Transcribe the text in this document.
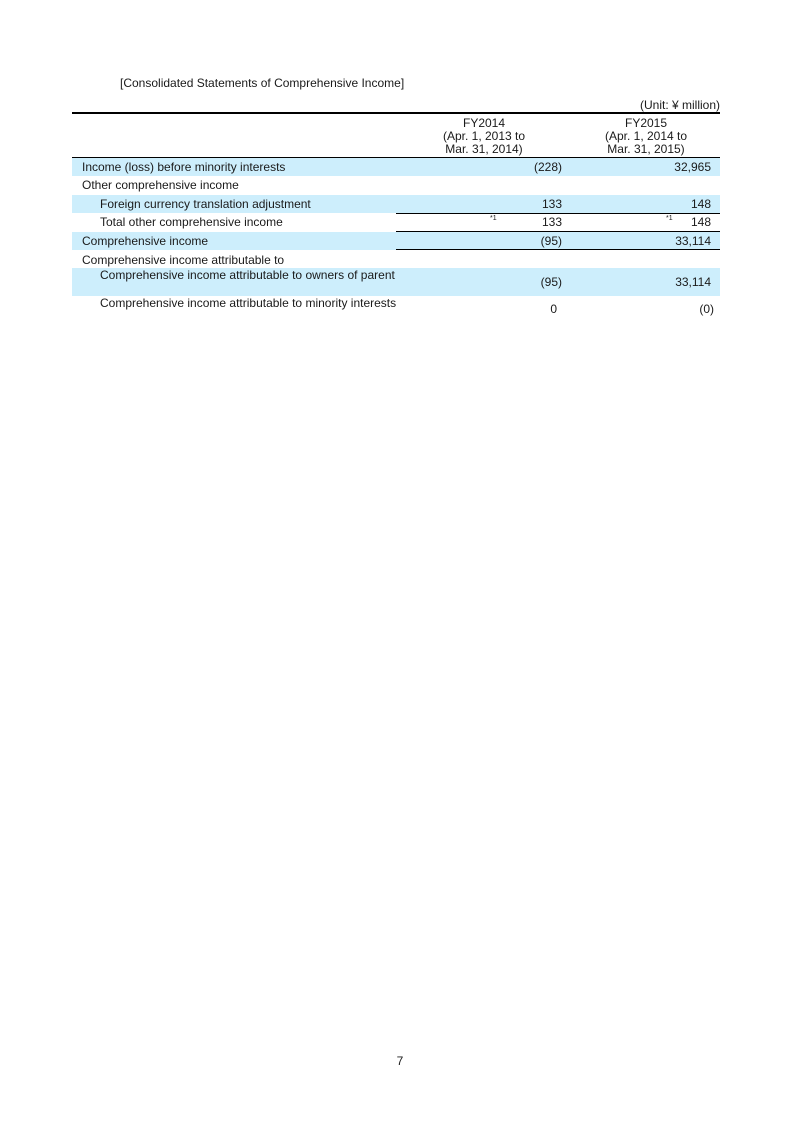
[Consolidated Statements of Comprehensive Income]
(Unit: ¥ million)
FY2014
(Apr. 1, 2013 to
Mar. 31, 2014)
FY2015
(Apr. 1, 2014 to
Mar. 31, 2015)
Income (loss) before minority interests	(228)	32,965
Other comprehensive income
Foreign currency translation adjustment	133	148
Total other comprehensive income	*1	133	*1 148
Comprehensive income	(95)	33,114
Comprehensive income attributable to
Comprehensive income attributable to owners of parent	(95)	33,114
Comprehensive income attributable to minority interests	0	(0)
7
